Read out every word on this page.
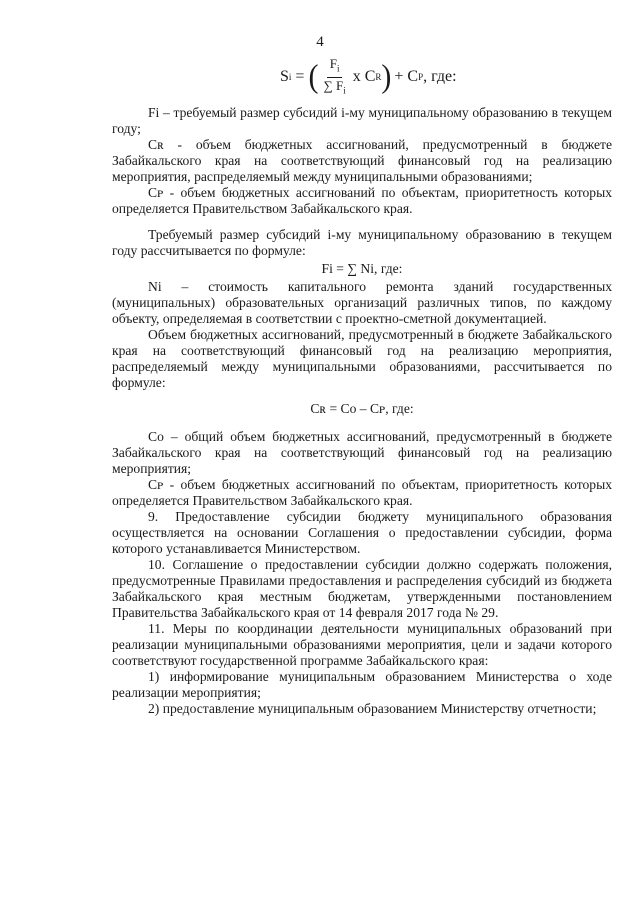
4
S i = ( $\frac{F_i}{\sum F_i}$ x C R ) + C P , где:

Fi – требуемый размер субсидий i-му муниципальному образованию в текущем году;

Cʀ - объем бюджетных ассигнований, предусмотренный в бюджете Забайкальского края на соответствующий финансовый год на реализацию мероприятия, распределяемый между муниципальными образованиями;

Cᴘ - объем бюджетных ассигнований по объектам, приоритетность которых определяется Правительством Забайкальского края.

Требуемый размер субсидий i-му муниципальному образованию в текущем году рассчитывается по формуле:

Fi = ∑ Ni, где:

Ni – стоимость капитального ремонта зданий государственных (муниципальных) образовательных организаций различных типов, по каждому объекту, определяемая в соответствии с проектно-сметной документацией.

Объем бюджетных ассигнований, предусмотренный в бюджете Забайкальского края на соответствующий финансовый год на реализацию мероприятия, распределяемый между муниципальными образованиями, рассчитывается по формуле:

Cʀ = Cᴏ – Cᴘ, где:

Cᴏ – общий объем бюджетных ассигнований, предусмотренный в бюджете Забайкальского края на соответствующий финансовый год на реализацию мероприятия;

Cᴘ - объем бюджетных ассигнований по объектам, приоритетность которых определяется Правительством Забайкальского края.

9. Предоставление субсидии бюджету муниципального образования осуществляется на основании Соглашения о предоставлении субсидии, форма которого устанавливается Министерством.

10. Соглашение о предоставлении субсидии должно содержать положения, предусмотренные Правилами предоставления и распределения субсидий из бюджета Забайкальского края местным бюджетам, утвержденными постановлением Правительства Забайкальского края от 14 февраля 2017 года № 29.

11. Меры по координации деятельности муниципальных образований при реализации муниципальными образованиями мероприятия, цели и задачи которого соответствуют государственной программе Забайкальского края:

1) информирование муниципальным образованием Министерства о ходе реализации мероприятия;

2) предоставление муниципальным образованием Министерству отчетности;
